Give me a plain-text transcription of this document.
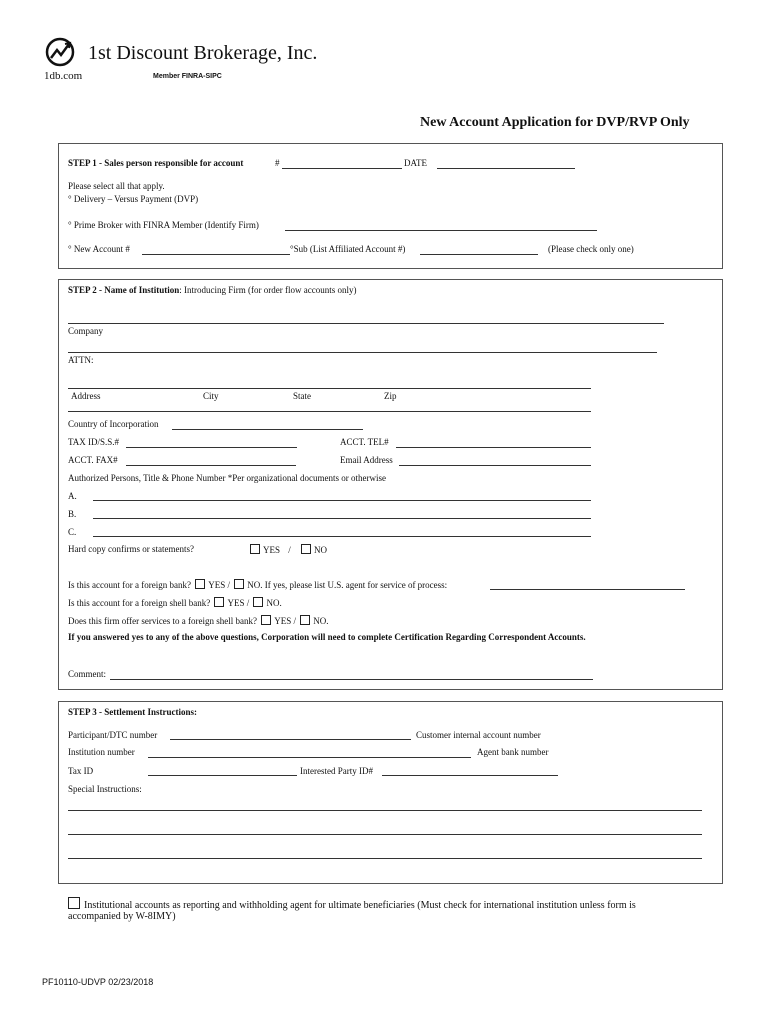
1st Discount Brokerage, Inc.
1db.com	Member FINRA-SIPC
New Account Application for DVP/RVP Only
STEP 1 - Sales person responsible for account	#	DATE
Please select all that apply.
° Delivery – Versus Payment (DVP)
° Prime Broker with FINRA Member (Identify Firm)
° New Account #	°Sub (List Affiliated Account #)	(Please check only one)
STEP 2 - Name of Institution: Introducing Firm (for order flow accounts only)
Company
ATTN:
Address	City	State	Zip
Country of Incorporation
TAX ID/S.S.#	ACCT. TEL#
ACCT. FAX#	Email Address
Authorized Persons, Title & Phone Number *Per organizational documents or otherwise
A.
B.
C.
Hard copy confirms or statements?	YES /	NO
Is this account for a foreign bank? YES / NO. If yes, please list U.S. agent for service of process:
Is this account for a foreign shell bank? YES / NO.
Does this firm offer services to a foreign shell bank? YES / NO.
If you answered yes to any of the above questions, Corporation will need to complete Certification Regarding Correspondent Accounts.
Comment:
STEP 3 - Settlement Instructions:
Participant/DTC number	Customer internal account number
Institution number	Agent bank number
Tax ID	Interested Party ID#
Special Instructions:
Institutional accounts as reporting and withholding agent for ultimate beneficiaries (Must check for international institution unless form is
accompanied by W-8IMY)
PF10110-UDVP 02/23/2018
